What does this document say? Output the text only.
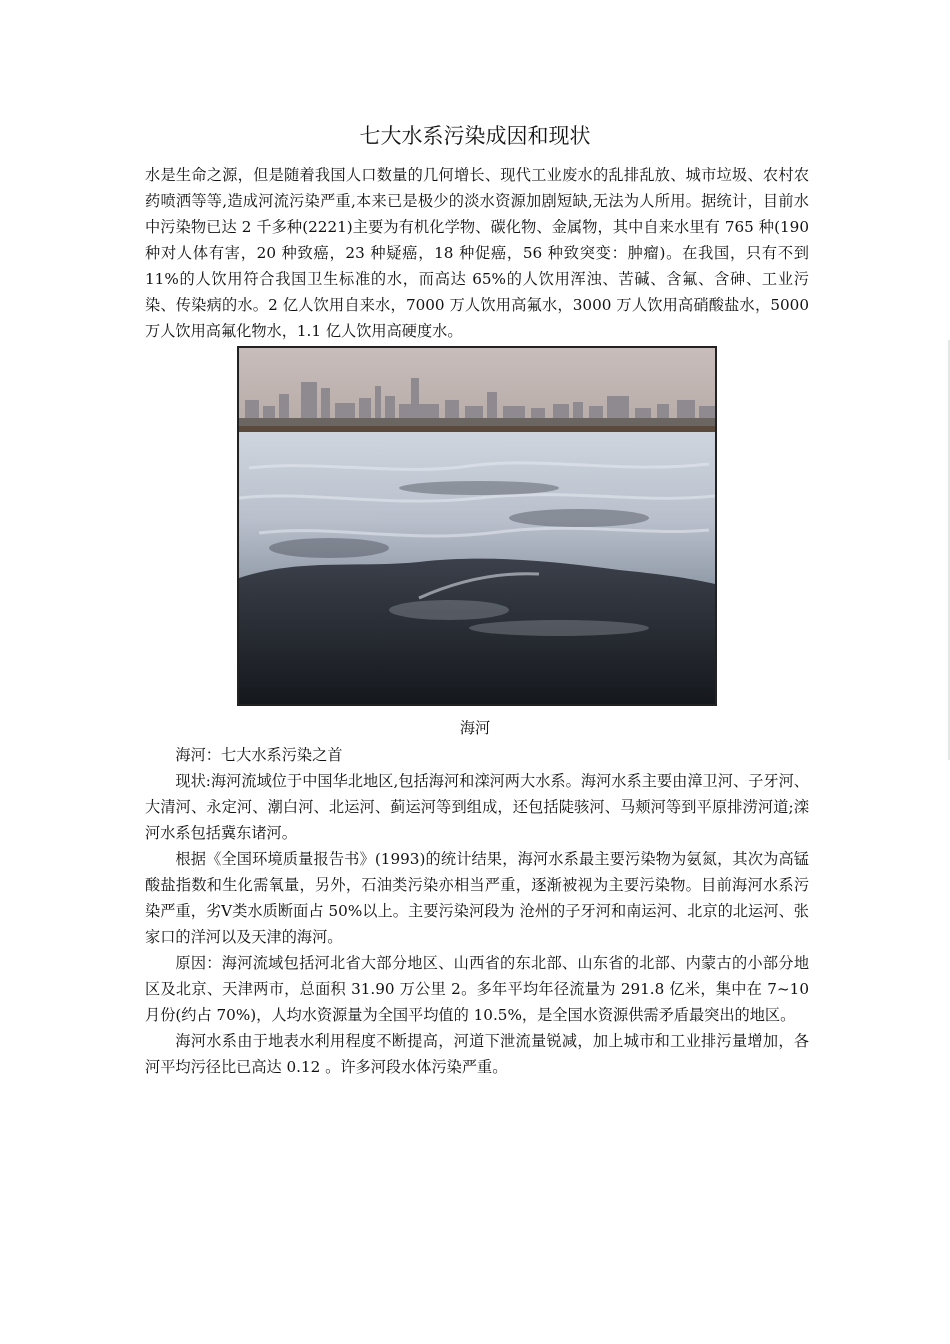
七大水系污染成因和现状

水是生命之源，但是随着我国人口数量的几何增长、现代工业废水的乱排乱放、城市垃圾、农村农药喷洒等等,造成河流污染严重,本来已是极少的淡水资源加剧短缺,无法为人所用。据统计，目前水中污染物已达 2 千多种(2221)主要为有机化学物、碳化物、金属物，其中自来水里有 765 种(190 种对人体有害，20 种致癌，23 种疑癌，18 种促癌，56 种致突变：肿瘤)。在我国，只有不到 11%的人饮用符合我国卫生标准的水，而高达 65%的人饮用浑浊、苦碱、含氟、含砷、工业污染、传染病的水。2 亿人饮用自来水，7000 万人饮用高氟水，3000 万人饮用高硝酸盐水，5000 万人饮用高氟化物水，1.1 亿人饮用高硬度水。

海河

海河：七大水系污染之首

现状:海河流域位于中国华北地区,包括海河和滦河两大水系。海河水系主要由漳卫河、子牙河、大清河、永定河、潮白河、北运河、蓟运河等到组成，还包括陡骇河、马颊河等到平原排涝河道;滦河水系包括冀东诸河。

根据《全国环境质量报告书》(1993)的统计结果，海河水系最主要污染物为氨氮，其次为高锰酸盐指数和生化需氧量，另外，石油类污染亦相当严重，逐渐被视为主要污染物。目前海河水系污染严重，劣Ⅴ类水质断面占 50%以上。主要污染河段为 沧州的子牙河和南运河、北京的北运河、张家口的洋河以及天津的海河。

原因：海河流域包括河北省大部分地区、山西省的东北部、山东省的北部、内蒙古的小部分地区及北京、天津两市，总面积 31.90 万公里 2。多年平均年径流量为 291.8 亿米，集中在 7~10 月份(约占 70%)，人均水资源量为全国平均值的 10.5%，是全国水资源供需矛盾最突出的地区。

海河水系由于地表水利用程度不断提高，河道下泄流量锐减，加上城市和工业排污量增加，各河平均污径比已高达 0.12 。许多河段水体污染严重。
